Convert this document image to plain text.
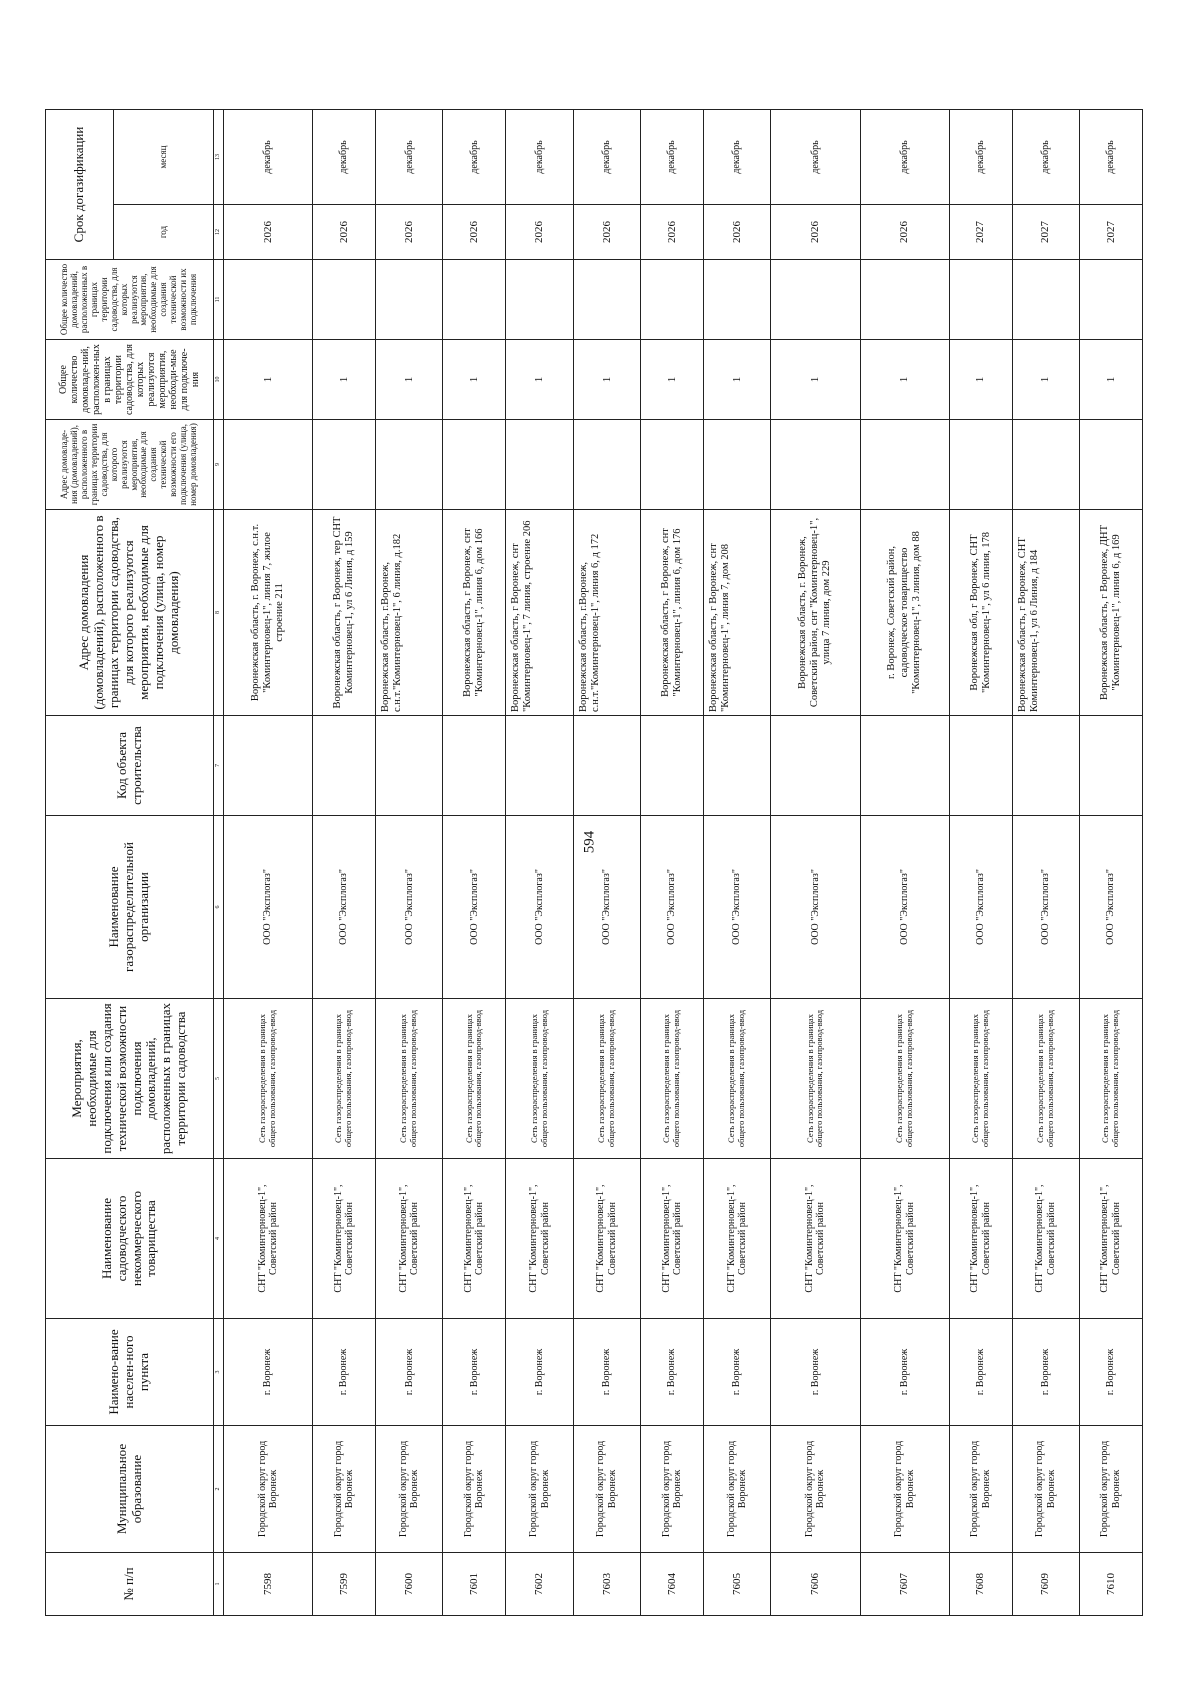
594
№ п/п	Муниципальное образование	Наимено-вание населен-ного пункта	Наименование садоводческого некоммерческого товарищества	Мероприятия, необходимые для подключения или создания технической возможности подключения домовладений, расположенных в границах территории садоводства	Наименование газораспределительной организации	Код объекта строительства	Адрес домовладения (домовладений), расположенного в границах территории садоводства, для которого реализуются мероприятия, необходимые для подключения (улица, номер домовладения)	Адрес домовладе-ния (домовладений), расположенного в границах территории садоводства, для которого реализуются мероприятия, необходимые для создания технической возможности его подключения (улица, номер домовладения)	Общее количество домовладе-ний, расположен-ных в границах территории садоводства, для которых реализуются мероприятия, необходи-мые для подключе-ния	Общее количество домовладений, расположенных в границах территории садоводства, для которых реализуются мероприятия, необходимые для создания технической возможности их подключения	Срок догазификации	
											год	месяц
1	2	3	4	5	6	7	8	9	10	11	12	13
7598	Городской округ город Воронеж	г. Воронеж	СНТ "Коминтерновец-1", Советский район	Сеть газораспределения в границах общего пользования, газопровод-ввод	ООО "Эксплогаз"		Воронежская область, г. Воронеж, с.н.т. "Коминтерновец-1", линия 7, жилое строение 211		1		2026	декабрь
7599	Городской округ город Воронеж	г. Воронеж	СНТ "Коминтерновец-1", Советский район	Сеть газораспределения в границах общего пользования, газопровод-ввод	ООО "Эксплогаз"		Воронежская область, г Воронеж, тер СНТ Коминтерновец-1, ул 6 Линия, д 159		1		2026	декабрь
7600	Городской округ город Воронеж	г. Воронеж	СНТ "Коминтерновец-1", Советский район	Сеть газораспределения в границах общего пользования, газопровод-ввод	ООО "Эксплогаз"		Воронежская область, г.Воронеж, с.н.т."Коминтерновец-1", 6 линия, д.182		1		2026	декабрь
7601	Городской округ город Воронеж	г. Воронеж	СНТ "Коминтерновец-1", Советский район	Сеть газораспределения в границах общего пользования, газопровод-ввод	ООО "Эксплогаз"		Воронежская область, г Воронеж, снт "Коминтерновец-1", линия 6, дом 166		1		2026	декабрь
7602	Городской округ город Воронеж	г. Воронеж	СНТ "Коминтерновец-1", Советский район	Сеть газораспределения в границах общего пользования, газопровод-ввод	ООО "Эксплогаз"		Воронежская область, г Воронеж, снт "Коминтерновец-1", 7 линия, строение 206		1		2026	декабрь
7603	Городской округ город Воронеж	г. Воронеж	СНТ "Коминтерновец-1", Советский район	Сеть газораспределения в границах общего пользования, газопровод-ввод	ООО "Эксплогаз"		Воронежская область, г.Воронеж, с.н.т."Коминтерновец-1", линия 6, д 172		1		2026	декабрь
7604	Городской округ город Воронеж	г. Воронеж	СНТ "Коминтерновец-1", Советский район	Сеть газораспределения в границах общего пользования, газопровод-ввод	ООО "Эксплогаз"		Воронежская область, г Воронеж, снт "Коминтерновец-1", линия 6, дом 176		1		2026	декабрь
7605	Городской округ город Воронеж	г. Воронеж	СНТ "Коминтерновец-1", Советский район	Сеть газораспределения в границах общего пользования, газопровод-ввод	ООО "Эксплогаз"		Воронежская область, г Воронеж, снт "Коминтерновец-1", линия 7, дом 208		1		2026	декабрь
7606	Городской округ город Воронеж	г. Воронеж	СНТ "Коминтерновец-1", Советский район	Сеть газораспределения в границах общего пользования, газопровод-ввод	ООО "Эксплогаз"		Воронежская область, г. Воронеж, Советский район, снт "Коминтерновец-1", улица 7 линия, дом 229		1		2026	декабрь
7607	Городской округ город Воронеж	г. Воронеж	СНТ "Коминтерновец-1", Советский район	Сеть газораспределения в границах общего пользования, газопровод-ввод	ООО "Эксплогаз"		г. Воронеж, Советский район, садоводческое товарищество "Коминтерновец-1", 3 линия, дом 88		1		2026	декабрь
7608	Городской округ город Воронеж	г. Воронеж	СНТ "Коминтерновец-1", Советский район	Сеть газораспределения в границах общего пользования, газопровод-ввод	ООО "Эксплогаз"		Воронежская обл, г Воронеж, СНТ "Коминтерновец-1", ул 6 линия, 178		1		2027	декабрь
7609	Городской округ город Воронеж	г. Воронеж	СНТ "Коминтерновец-1", Советский район	Сеть газораспределения в границах общего пользования, газопровод-ввод	ООО "Эксплогаз"		Воронежская область, г Воронеж, СНТ Коминтерновец-1, ул 6 Линия, д 184		1		2027	декабрь
7610	Городской округ город Воронеж	г. Воронеж	СНТ "Коминтерновец-1", Советский район	Сеть газораспределения в границах общего пользования, газопровод-ввод	ООО "Эксплогаз"		Воронежская область, г Воронеж, ДНТ "Коминтерновец-1", линия 6, д 169		1		2027	декабрь
